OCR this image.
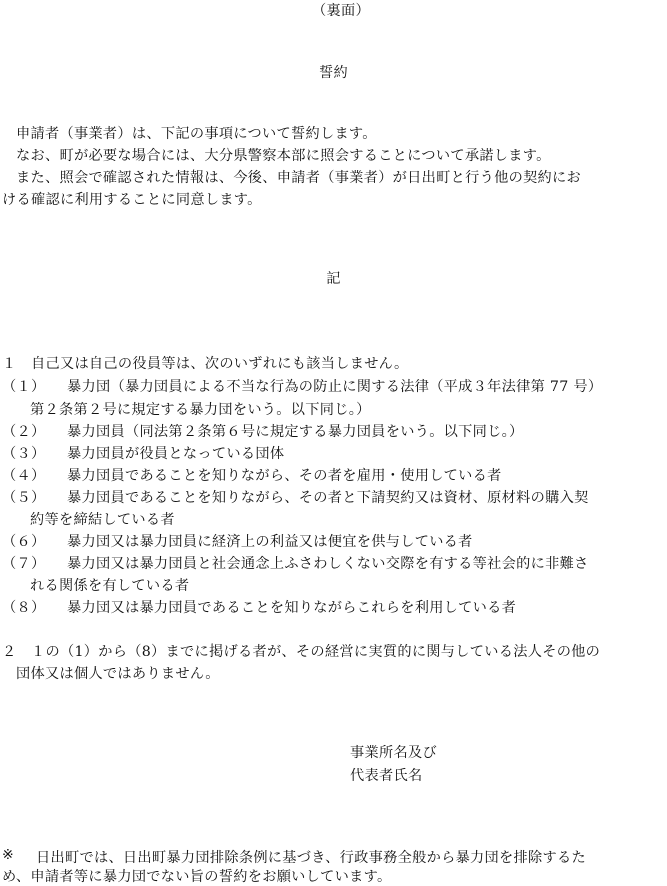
（裏面）
誓約
申請者（事業者）は、下記の事項について誓約します。
なお、町が必要な場合には、大分県警察本部に照会することについて承諾します。
また、照会で確認された情報は、今後、申請者（事業者）が日出町と行う他の契約にお
ける確認に利用することに同意します。
記
１　自己又は自己の役員等は、次のいずれにも該当しません。
（１） 暴力団（暴力団員による不当な行為の防止に関する法律（平成３年法律第 77 号）
第２条第２号に規定する暴力団をいう。以下同じ。）
（２） 暴力団員（同法第２条第６号に規定する暴力団員をいう。以下同じ。）
（３） 暴力団員が役員となっている団体
（４） 暴力団員であることを知りながら、その者を雇用・使用している者
（５） 暴力団員であることを知りながら、その者と下請契約又は資材、原材料の購入契
約等を締結している者
（６） 暴力団又は暴力団員に経済上の利益又は便宜を供与している者
（７） 暴力団又は暴力団員と社会通念上ふさわしくない交際を有する等社会的に非難さ
れる関係を有している者
（８） 暴力団又は暴力団員であることを知りながらこれらを利用している者
２　１の（1）から（8）までに掲げる者が、その経営に実質的に関与している法人その他の
団体又は個人ではありません。
事業所名及び
代表者氏名
※ 日出町では、日出町暴力団排除条例に基づき、行政事務全般から暴力団を排除するた
め、申請者等に暴力団でない旨の誓約をお願いしています。
